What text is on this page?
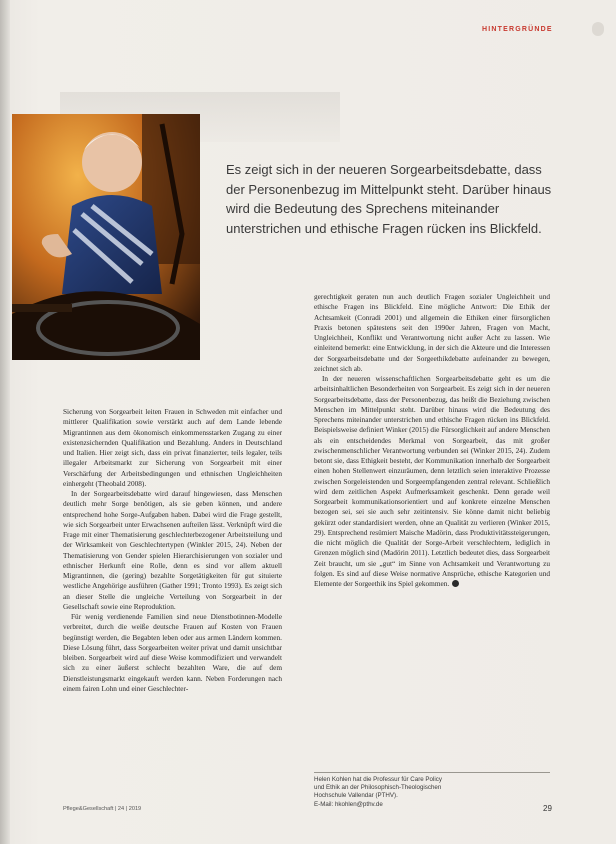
HINTERGRÜNDE

Es zeigt sich in der neueren Sorgearbeitsdebatte, dass der Personenbezug im Mittelpunkt steht. Darüber hinaus wird die Bedeutung des Sprechens miteinander unterstrichen und ethische Fragen rücken ins Blickfeld.

Sicherung von Sorgearbeit leiten Frauen in Schweden mit einfacher und mittlerer Qualifikation sowie verstärkt auch auf dem Lande lebende Migrantinnen aus dem ökonomisch einkommensstarken Zugang zu einer existenzsichernden Qualifikation und Bezahlung. Anders in Deutschland und Italien. Hier zeigt sich, dass ein privat finanzierter, teils legaler, teils illegaler Arbeitsmarkt zur Sicherung von Sorgearbeit mit einer Verschärfung der Arbeitsbedingungen und ethnischen Ungleichheiten einhergeht (Theobald 2008).

In der Sorgearbeitsdebatte wird darauf hingewiesen, dass Menschen deutlich mehr Sorge benötigen, als sie geben können, und andere entsprechend hohe Sorge-Aufgaben haben. Dabei wird die Frage gestellt, wie sich Sorgearbeit unter Erwachsenen aufteilen lässt. Verknüpft wird die Frage mit einer Thematisierung geschlechterbezogener Arbeitsteilung und der Wirksamkeit von Geschlechtertypen (Winkler 2015, 24). Neben der Thematisierung von Gender spielen Hierarchisierungen von sozialer und ethnischer Herkunft eine Rolle, denn es sind vor allem aktuell Migrantinnen, die (gering) bezahlte Sorgetätigkeiten für gut situierte westliche Angehörige ausführen (Gather 1991; Tronto 1993). Es zeigt sich an dieser Stelle die ungleiche Verteilung von Sorgearbeit in der Gesellschaft sowie eine Reproduktion.

Für wenig verdienende Familien sind neue Dienstbotinnen-Modelle verbreitet, durch die weiße deutsche Frauen auf Kosten von Frauen begünstigt werden, die Begabten leben oder aus armen Ländern kommen. Diese Lösung führt, dass Sorgearbeiten weiter privat und damit unsichtbar bleiben. Sorgearbeit wird auf diese Weise kommodifiziert und verwandelt sich zu einer äußerst schlecht bezahlten Ware, die auf dem Dienstleistungsmarkt eingekauft werden kann. Neben Forderungen nach einem fairen Lohn und einer Geschlechter-

gerechtigkeit geraten nun auch deutlich Fragen sozialer Ungleichheit und ethische Fragen ins Blickfeld. Eine mögliche Antwort: Die Ethik der Achtsamkeit (Conradi 2001) und allgemein die Ethiken einer fürsorglichen Praxis betonen spätestens seit den 1990er Jahren, Fragen von Macht, Ungleichheit, Konflikt und Verantwortung nicht außer Acht zu lassen. Wie einleitend bemerkt: eine Entwicklung, in der sich die Akteure und die Interessen der Sorgearbeitsdebatte und der Sorgeethikdebatte aufeinander zu bewegen, zeichnet sich ab.

In der neueren wissenschaftlichen Sorgearbeitsdebatte geht es um die arbeitsinhaltlichen Besonderheiten von Sorgearbeit. Es zeigt sich in der neueren Sorgearbeitsdebatte, dass der Personenbezug, das heißt die Beziehung zwischen Menschen im Mittelpunkt steht. Darüber hinaus wird die Bedeutung des Sprechens miteinander unterstrichen und ethische Fragen rücken ins Blickfeld. Beispielsweise definiert Winker (2015) die Fürsorglichkeit auf andere Menschen als ein entscheidendes Merkmal von Sorgearbeit, das mit großer zwischenmenschlicher Verantwortung verbunden sei (Winker 2015, 24). Zudem betont sie, dass Ethigkeit besteht, der Kommunikation innerhalb der Sorgearbeit einen hohen Stellenwert einzuräumen, denn letztlich seien interaktive Prozesse zwischen Sorgeleistenden und Sorgeempfangenden zentral relevant. Schließlich wird dem zeitlichen Aspekt Aufmerksamkeit geschenkt. Denn gerade weil Sorgearbeit kommunikationsorientiert und auf konkrete einzelne Menschen bezogen sei, sei sie auch sehr zeitintensiv. Sie könne damit nicht beliebig gekürzt oder standardisiert werden, ohne an Qualität zu verlieren (Winker 2015, 29). Entsprechend resümiert Maische Madörin, dass Produktivitätssteigerungen, die nicht möglich die Qualität der Sorge-Arbeit verschlechtern, lediglich in Grenzen möglich sind (Madörin 2011). Letztlich bedeutet dies, dass Sorgearbeit Zeit braucht, um sie „gut“ im Sinne von Achtsamkeit und Verantwortung zu folgen. Es sind auf diese Weise normative Ansprüche, ethische Kategorien und Elemente der Sorgeethik ins Spiel gekommen.

Helen Kohlen hat die Professur für Care Policy
und Ethik an der Philosophisch-Theologischen
Hochschule Vallendar (PTHV).
E-Mail: hkohlen@pthv.de
Pflege&Gesellschaft | 24 | 2019	29
